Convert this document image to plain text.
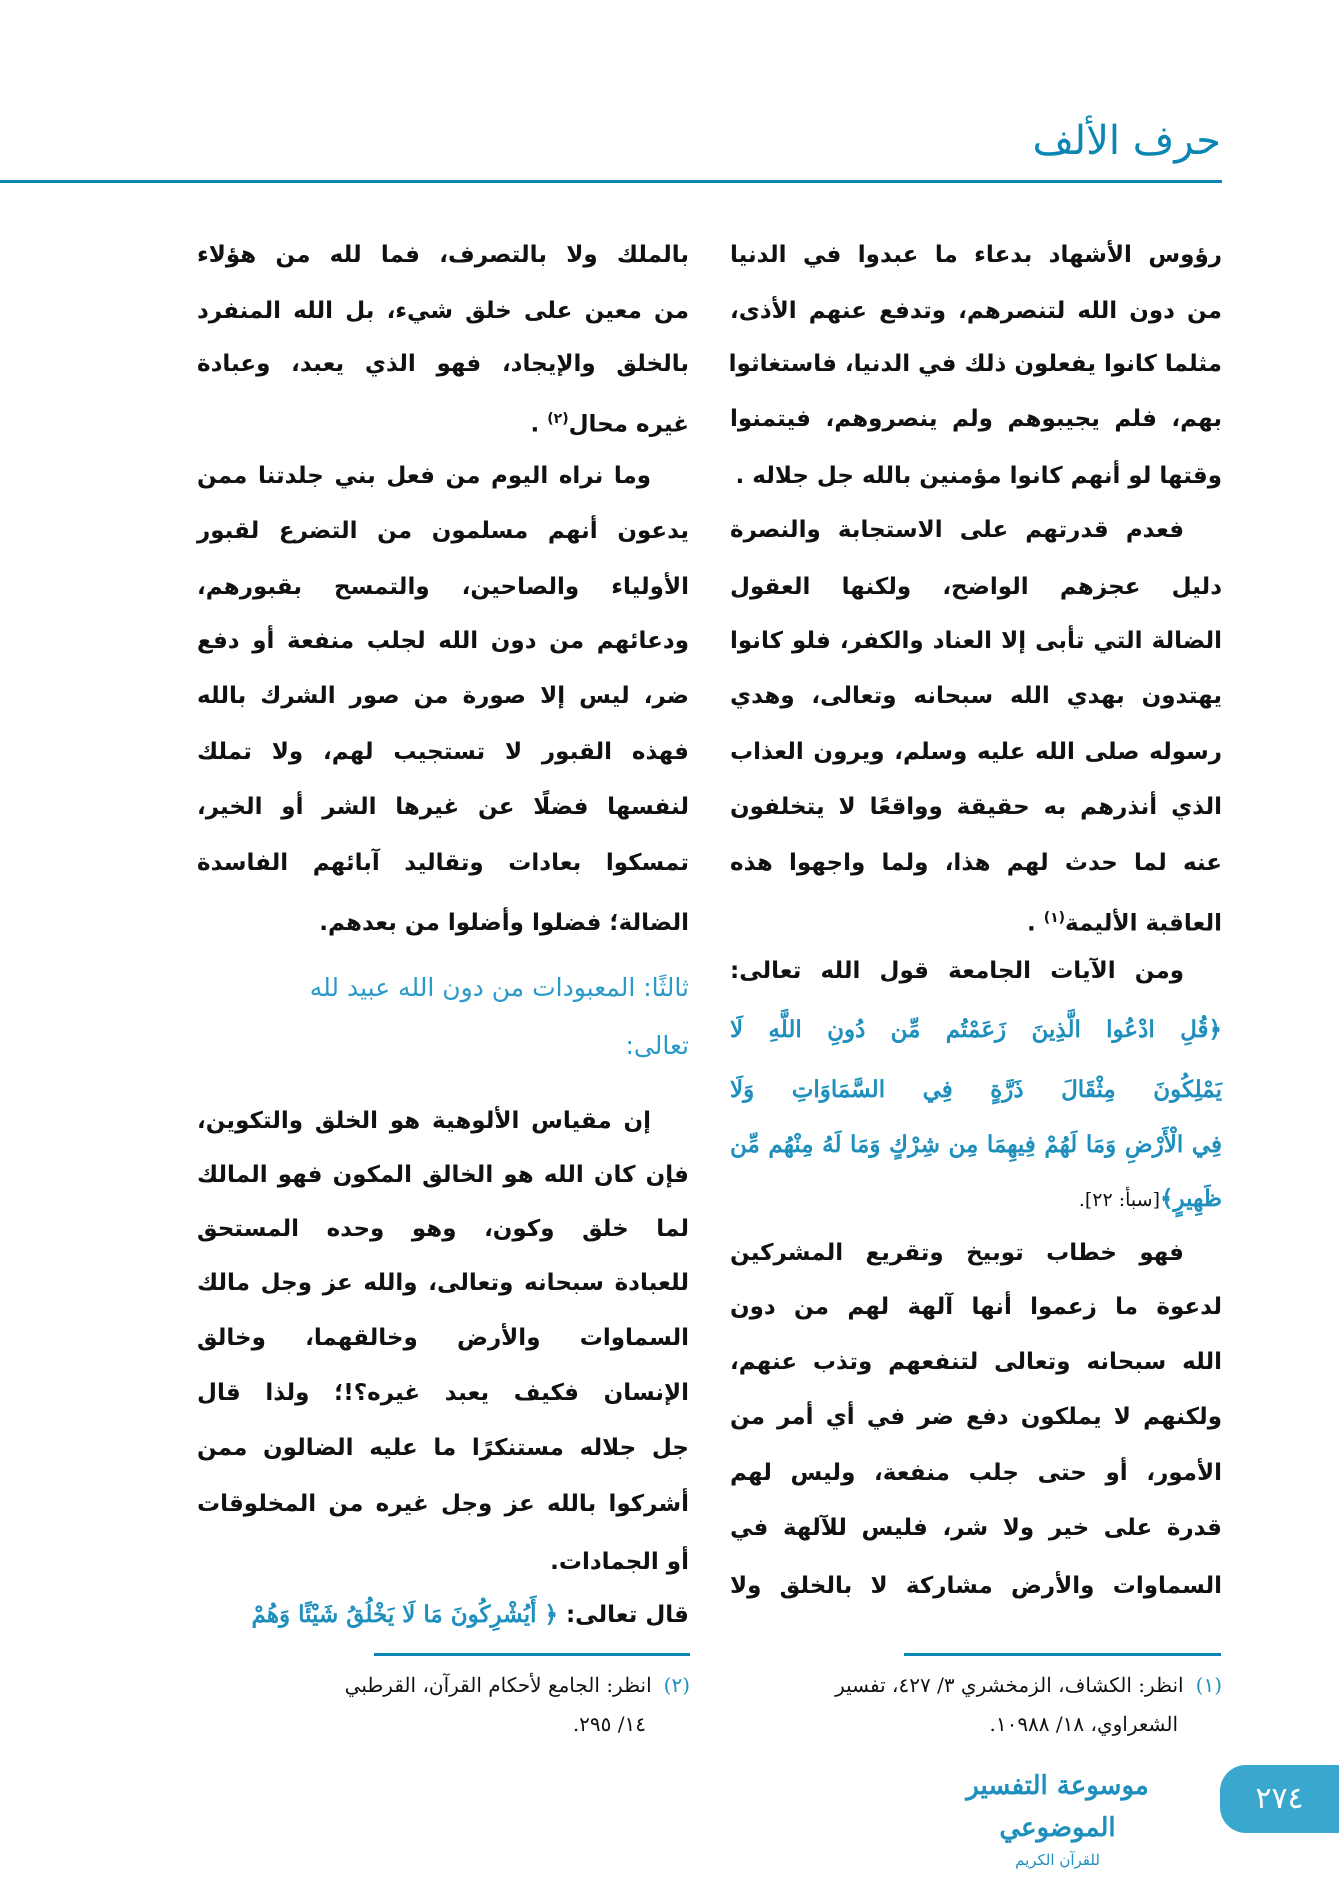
حرف الألف
رؤوس الأشهاد بدعاء ما عبدوا في الدنيا
من دون الله لتنصرهم، وتدفع عنهم الأذى،
مثلما كانوا يفعلون ذلك في الدنيا، فاستغاثوا
بهم، فلم يجيبوهم ولم ينصروهم، فيتمنوا
وقتها لو أنهم كانوا مؤمنين بالله جل جلاله .
فعدم قدرتهم على الاستجابة والنصرة
دليل عجزهم الواضح، ولكنها العقول
الضالة التي تأبى إلا العناد والكفر، فلو كانوا
يهتدون بهدي الله سبحانه وتعالى، وهدي
رسوله صلى الله عليه وسلم، ويرون العذاب
الذي أنذرهم به حقيقة وواقعًا لا يتخلفون
عنه لما حدث لهم هذا، ولما واجهوا هذه
العاقبة الأليمة$^{(١)}$ .
ومن الآيات الجامعة قول الله تعالى:
﴿قُلِ ادْعُوا الَّذِينَ زَعَمْتُم مِّن دُونِ اللَّهِ لَا
يَمْلِكُونَ مِثْقَالَ ذَرَّةٍ فِي السَّمَاوَاتِ وَلَا
فِي الْأَرْضِ وَمَا لَهُمْ فِيهِمَا مِن شِرْكٍ وَمَا لَهُ مِنْهُم مِّن
ظَهِيرٍ﴾[سبأ: ٢٢].
فهو خطاب توبيخ وتقريع المشركين
لدعوة ما زعموا أنها آلهة لهم من دون
الله سبحانه وتعالى لتنفعهم وتذب عنهم،
ولكنهم لا يملكون دفع ضر في أي أمر من
الأمور، أو حتى جلب منفعة، وليس لهم
قدرة على خير ولا شر، فليس للآلهة في
السماوات والأرض مشاركة لا بالخلق ولا
بالملك ولا بالتصرف، فما لله من هؤلاء
من معين على خلق شيء، بل الله المنفرد
بالخلق والإيجاد، فهو الذي يعبد، وعبادة
غيره محال$^{(٢)}$ .
وما نراه اليوم من فعل بني جلدتنا ممن
يدعون أنهم مسلمون من التضرع لقبور
الأولياء والصاحين، والتمسح بقبورهم،
ودعائهم من دون الله لجلب منفعة أو دفع
ضر، ليس إلا صورة من صور الشرك بالله
فهذه القبور لا تستجيب لهم، ولا تملك
لنفسها فضلًا عن غيرها الشر أو الخير،
تمسكوا بعادات وتقاليد آبائهم الفاسدة
الضالة؛ فضلوا وأضلوا من بعدهم.
ثالثًا: المعبودات من دون الله عبيد لله
تعالى:
إن مقياس الألوهية هو الخلق والتكوين،
فإن كان الله هو الخالق المكون فهو المالك
لما خلق وكون، وهو وحده المستحق
للعبادة سبحانه وتعالى، والله عز وجل مالك
السماوات والأرض وخالقهما، وخالق
الإنسان فكيف يعبد غيره؟!؛ ولذا قال
جل جلاله مستنكرًا ما عليه الضالون ممن
أشركوا بالله عز وجل غيره من المخلوقات
أو الجمادات.
قال تعالى: ﴿ أَيُشْرِكُونَ مَا لَا يَخْلُقُ شَيْئًا وَهُمْ
(١)انظر: الكشاف، الزمخشري ٣/ ٤٢٧، تفسير
الشعراوي، ١٨/ ١٠٩٨٨.
(٢)انظر: الجامع لأحكام القرآن، القرطبي
١٤/ ٢٩٥.
موسوعة التفسير الموضوعي
للقرآن الكريم
٢٧٤
